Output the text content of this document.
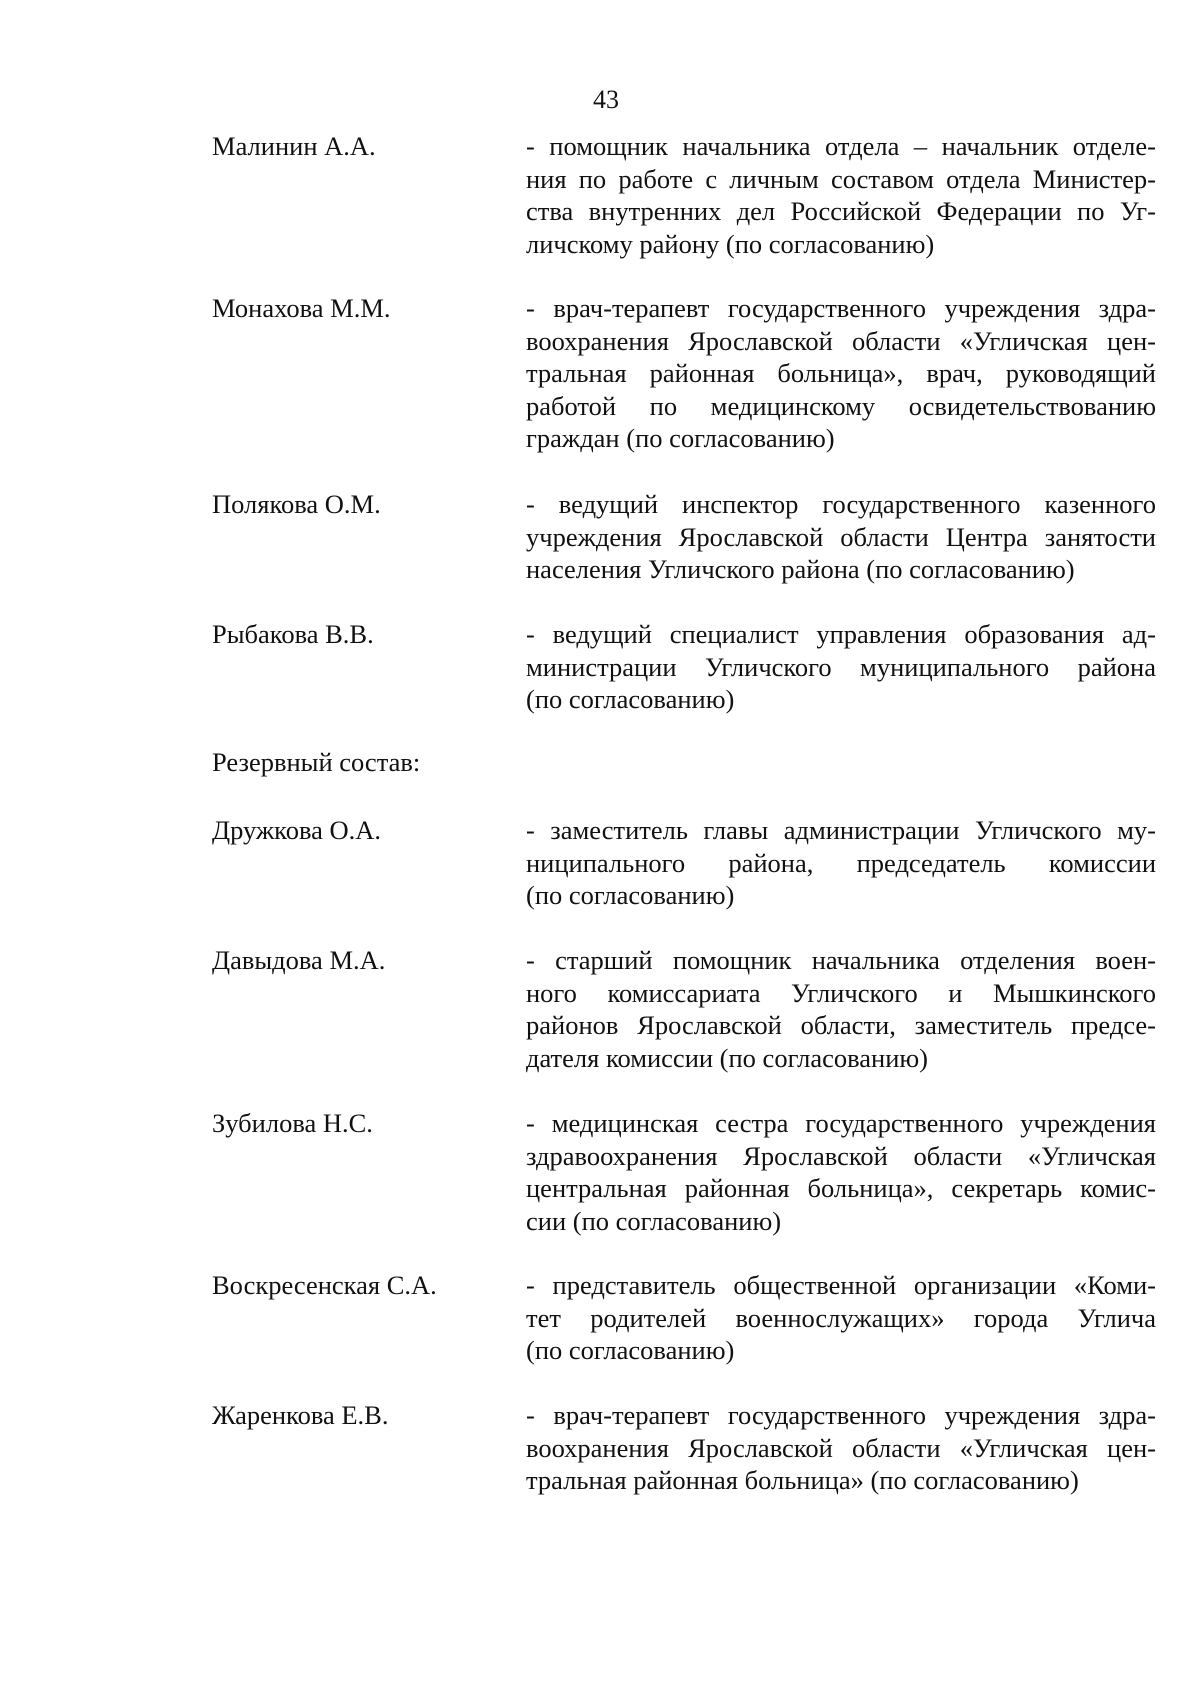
43
Малинин А.А.	- помощник начальника отдела – начальник отделе-
ния по работе с личным составом отдела Министер-
ства внутренних дел Российской Федерации по Уг-
личскому району (по согласованию)

Монахова М.М.	- врач-терапевт государственного учреждения здра-
воохранения Ярославской области «Угличская цен-
тральная районная больница», врач, руководящий
работой по медицинскому освидетельствованию
граждан (по согласованию)

Полякова О.М.	- ведущий инспектор государственного казенного
учреждения Ярославской области Центра занятости
населения Угличского района (по согласованию)

Рыбакова В.В.	- ведущий специалист управления образования ад-
министрации Угличского муниципального района
(по согласованию)

Резервный состав:
Дружкова О.А.	- заместитель главы администрации Угличского му-
ниципального района, председатель комиссии
(по согласованию)

Давыдова М.А.	- старший помощник начальника отделения воен-
ного комиссариата Угличского и Мышкинского
районов Ярославской области, заместитель предсе-
дателя комиссии (по согласованию)

Зубилова Н.С.	- медицинская сестра государственного учреждения
здравоохранения Ярославской области «Угличская
центральная районная больница», секретарь комис-
сии (по согласованию)

Воскресенская С.А.	- представитель общественной организации «Коми-
тет родителей военнослужащих» города Углича
(по согласованию)

Жаренкова Е.В.	- врач-терапевт государственного учреждения здра-
воохранения Ярославской области «Угличская цен-
тральная районная больница» (по согласованию)
